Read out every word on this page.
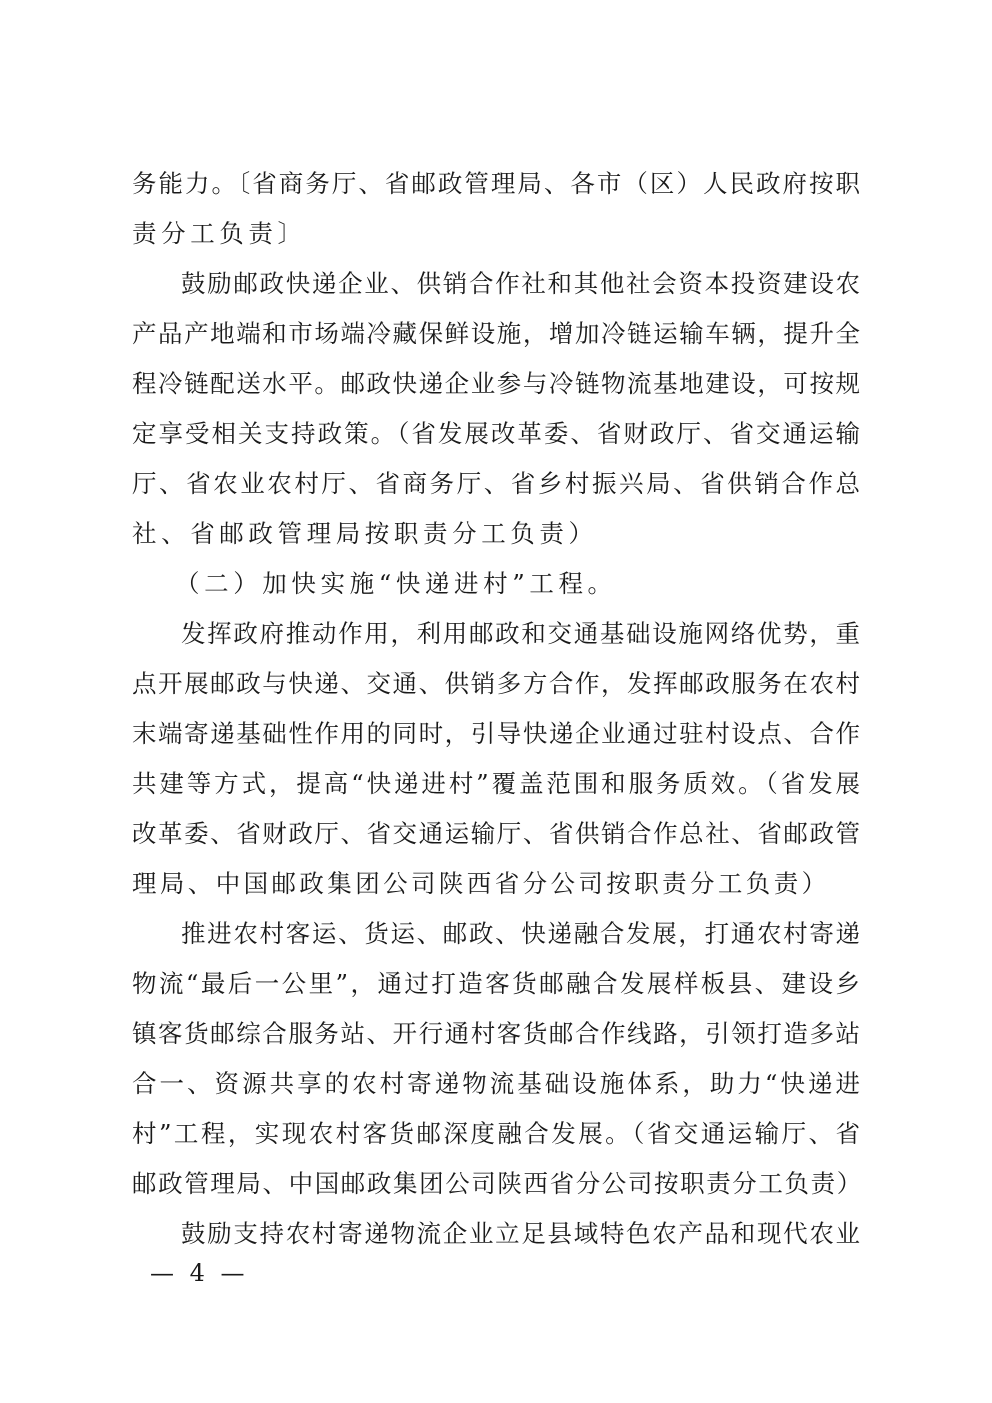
务能力。〔省商务厅、省邮政管理局、各市（区）人民政府按职
责分工负责〕
鼓励邮政快递企业、供销合作社和其他社会资本投资建设农
产品产地端和市场端冷藏保鲜设施，增加冷链运输车辆，提升全
程冷链配送水平。邮政快递企业参与冷链物流基地建设，可按规
定享受相关支持政策。（省发展改革委、省财政厅、省交通运输
厅、省农业农村厅、省商务厅、省乡村振兴局、省供销合作总
社、省邮政管理局按职责分工负责）
（二）加快实施“快递进村”工程。
发挥政府推动作用，利用邮政和交通基础设施网络优势，重
点开展邮政与快递、交通、供销多方合作，发挥邮政服务在农村
末端寄递基础性作用的同时，引导快递企业通过驻村设点、合作
共建等方式，提高“快递进村”覆盖范围和服务质效。（省发展
改革委、省财政厅、省交通运输厅、省供销合作总社、省邮政管
理局、中国邮政集团公司陕西省分公司按职责分工负责）
推进农村客运、货运、邮政、快递融合发展，打通农村寄递
物流“最后一公里”，通过打造客货邮融合发展样板县、建设乡
镇客货邮综合服务站、开行通村客货邮合作线路，引领打造多站
合一、资源共享的农村寄递物流基础设施体系，助力“快递进
村”工程，实现农村客货邮深度融合发展。（省交通运输厅、省
邮政管理局、中国邮政集团公司陕西省分公司按职责分工负责）
鼓励支持农村寄递物流企业立足县域特色农产品和现代农业
— 4 —
